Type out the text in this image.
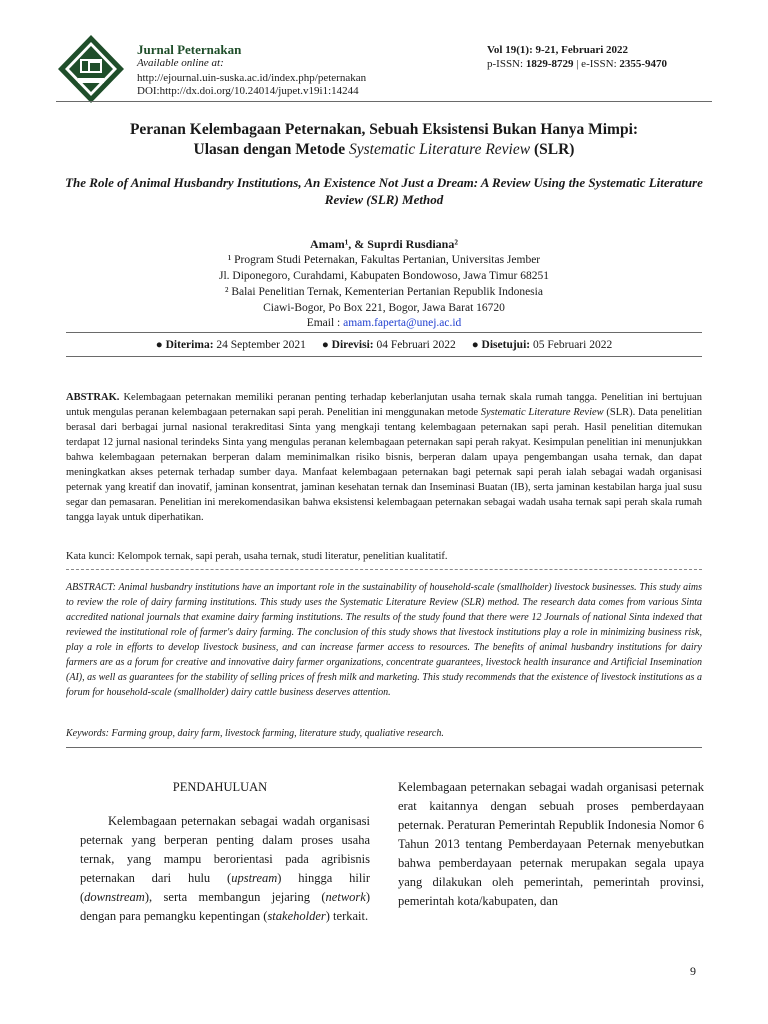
Jurnal Peternakan
Available online at:
http://ejournal.uin-suska.ac.id/index.php/peternakan
DOI:http://dx.doi.org/10.24014/jupet.v19i1:14244
Vol 19(1): 9-21, Februari 2022
p-ISSN: 1829-8729 | e-ISSN: 2355-9470
Peranan Kelembagaan Peternakan, Sebuah Eksistensi Bukan Hanya Mimpi:
Ulasan dengan Metode Systematic Literature Review (SLR)
The Role of Animal Husbandry Institutions, An Existence Not Just a Dream: A Review Using the Systematic Literature Review (SLR) Method
Amam¹, & Suprdi Rusdiana²
¹ Program Studi Peternakan, Fakultas Pertanian, Universitas Jember
Jl. Diponegoro, Curahdami, Kabupaten Bondowoso, Jawa Timur 68251
² Balai Penelitian Ternak, Kementerian Pertanian Republik Indonesia
Ciawi-Bogor, Po Box 221, Bogor, Jawa Barat 16720
Email : amam.faperta@unej.ac.id
● Diterima: 24 September 2021 ● Direvisi: 04 Februari 2022 ● Disetujui: 05 Februari 2022
ABSTRAK. Kelembagaan peternakan memiliki peranan penting terhadap keberlanjutan usaha ternak skala rumah tangga. Penelitian ini bertujuan untuk mengulas peranan kelembagaan peternakan sapi perah. Penelitian ini menggunakan metode Systematic Literature Review (SLR). Data penelitian berasal dari berbagai jurnal nasional terakreditasi Sinta yang mengkaji tentang kelembagaan peternakan sapi perah. Hasil penelitian ditemukan terdapat 12 jurnal nasional terindeks Sinta yang mengulas peranan kelembagaan peternakan sapi perah rakyat. Kesimpulan penelitian ini menunjukkan bahwa kelembagaan peternakan berperan dalam meminimalkan risiko bisnis, berperan dalam upaya pengembangan usaha ternak, dan dapat meningkatkan akses peternak terhadap sumber daya. Manfaat kelembagaan peternakan bagi peternak sapi perah ialah sebagai wadah organisasi peternak yang kreatif dan inovatif, jaminan konsentrat, jaminan kesehatan ternak dan Inseminasi Buatan (IB), serta jaminan kestabilan harga jual susu segar dan pemasaran. Penelitian ini merekomendasikan bahwa eksistensi kelembagaan peternakan sebagai wadah usaha ternak sapi perah skala rumah tangga layak untuk diperhatikan.
Kata kunci: Kelompok ternak, sapi perah, usaha ternak, studi literatur, penelitian kualitatif.
ABSTRACT: Animal husbandry institutions have an important role in the sustainability of household-scale (smallholder) livestock businesses. This study aims to review the role of dairy farming institutions. This study uses the Systematic Literature Review (SLR) method. The research data comes from various Sinta accredited national journals that examine dairy farming institutions. The results of the study found that there were 12 Journals of national Sinta indexed that reviewed the institutional role of farmer's dairy farming. The conclusion of this study shows that livestock institutions play a role in minimizing business risk, play a role in efforts to develop livestock business, and can increase farmer access to resources. The benefits of animal husbandry institutions for dairy farmers are as a forum for creative and innovative dairy farmer organizations, concentrate guarantees, livestock health insurance and Artificial Insemination (AI), as well as guarantees for the stability of selling prices of fresh milk and marketing. This study recommends that the existence of livestock institutions as a forum for household-scale (smallholder) dairy cattle business deserves attention.
Keywords: Farming group, dairy farm, livestock farming, literature study, qualiative research.
PENDAHULUAN
Kelembagaan peternakan sebagai wadah organisasi peternak yang berperan penting dalam proses usaha ternak, yang mampu berorientasi pada agribisnis peternakan dari hulu (upstream) hingga hilir (downstream), serta membangun jejaring (network) dengan para pemangku kepentingan (stakeholder) terkait.
Kelembagaan peternakan sebagai wadah organisasi peternak erat kaitannya dengan sebuah proses pemberdayaan peternak. Peraturan Pemerintah Republik Indonesia Nomor 6 Tahun 2013 tentang Pemberdayaan Peternak menyebutkan bahwa pemberdayaan peternak merupakan segala upaya yang dilakukan oleh pemerintah, pemerintah provinsi, pemerintah kota/kabupaten, dan
9
